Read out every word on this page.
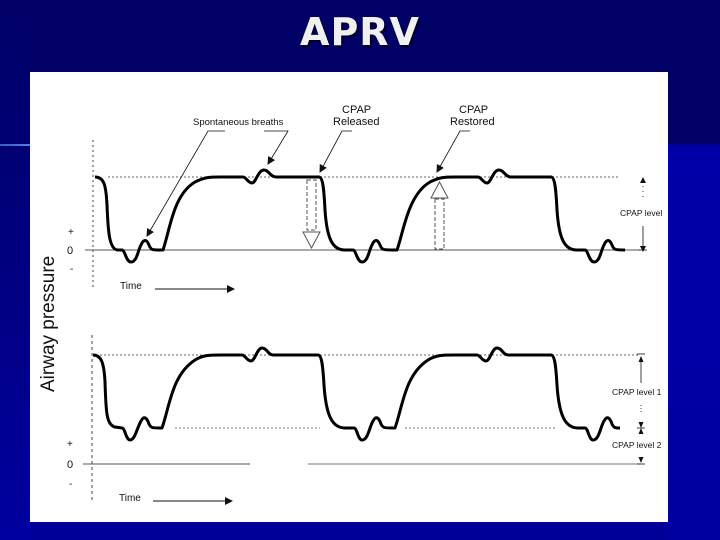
APRV
Airway pressure
+
0
-
Time
Spontaneous breaths
CPAP
Released
CPAP
Restored
CPAP level
+
0
-
Time
CPAP level 1
CPAP level 2
